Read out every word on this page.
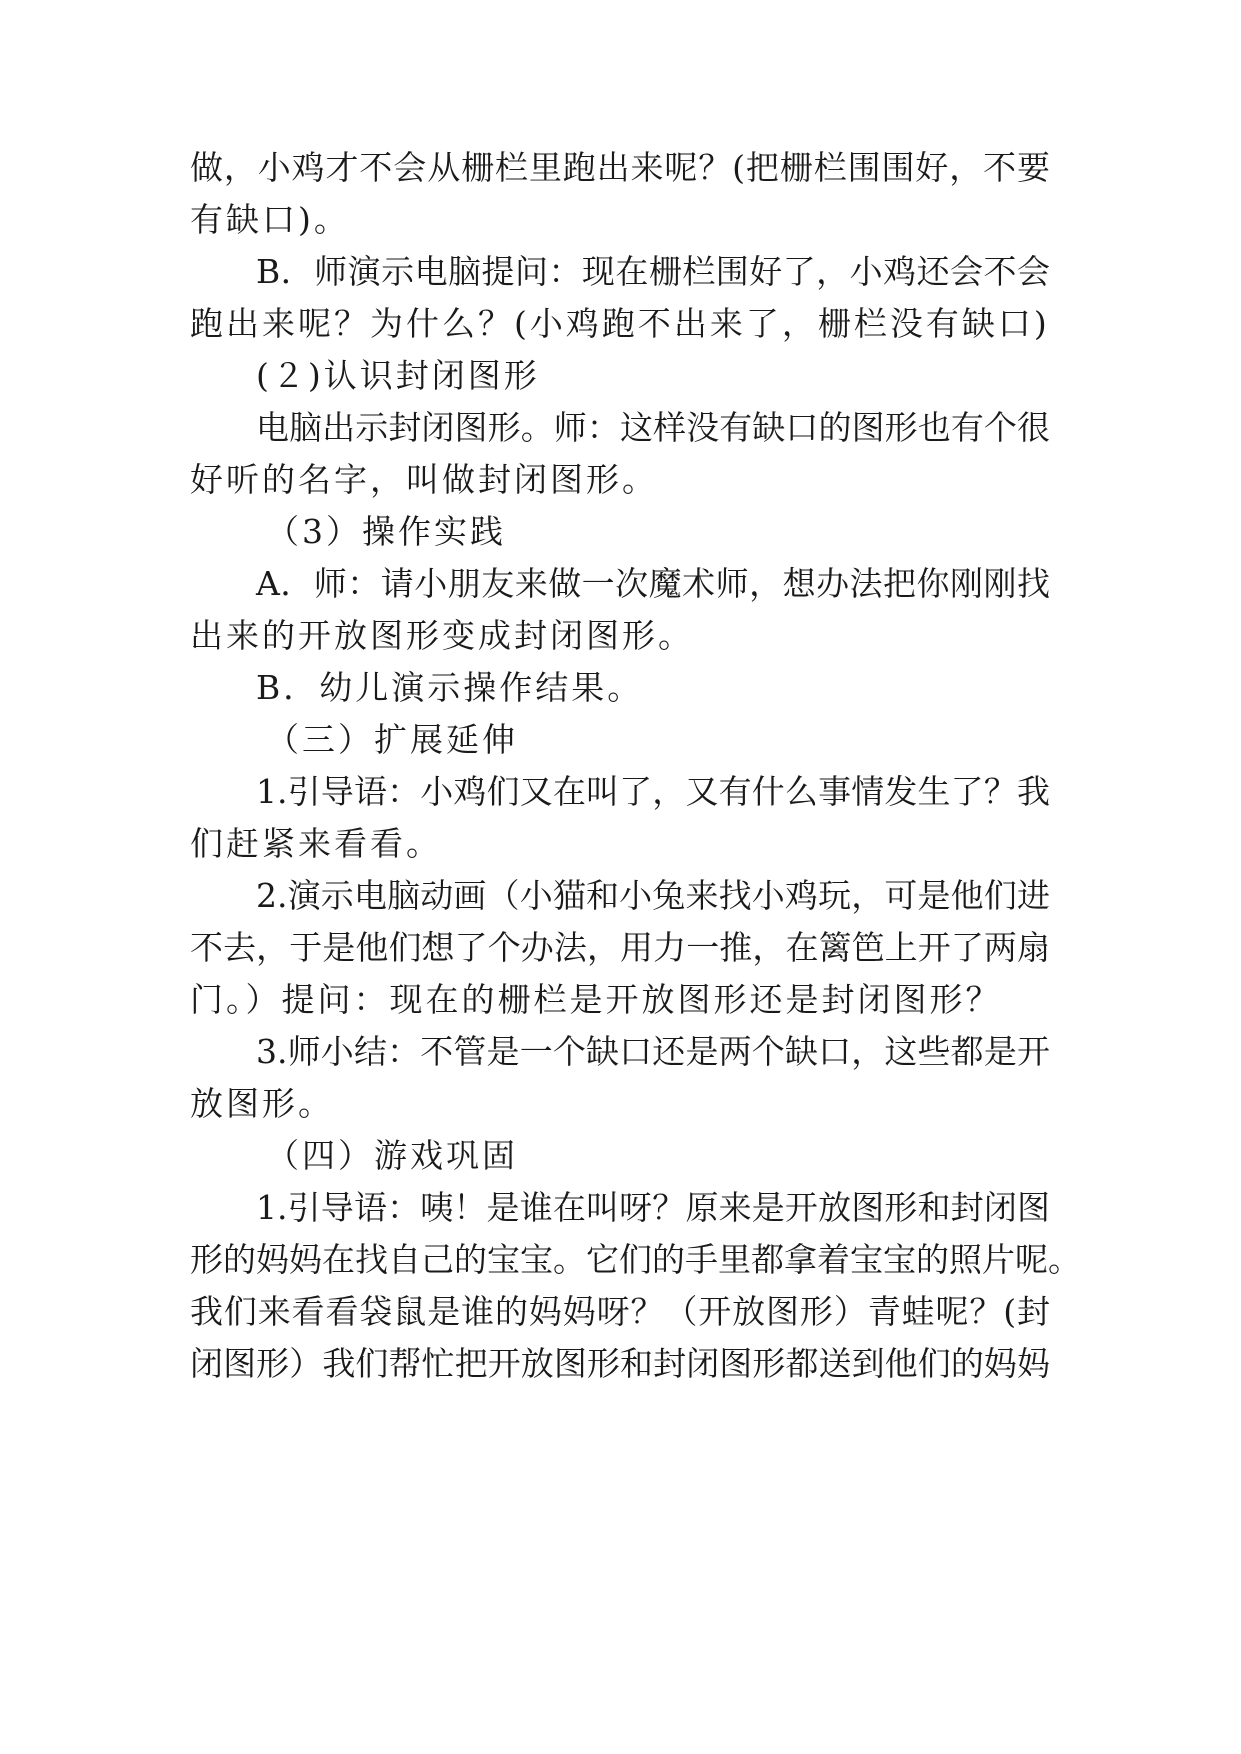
做，小鸡才不会从栅栏里跑出来呢？(把栅栏围围好，不要
有缺口)。
B．师演示电脑提问：现在栅栏围好了，小鸡还会不会
跑出来呢？为什么？(小鸡跑不出来了，栅栏没有缺口)
(２)认识封闭图形
电脑出示封闭图形。师：这样没有缺口的图形也有个很
好听的名字，叫做封闭图形。
（3）操作实践
A．师：请小朋友来做一次魔术师，想办法把你刚刚找
出来的开放图形变成封闭图形。
B．幼儿演示操作结果。
（三）扩展延伸
1.引导语：小鸡们又在叫了，又有什么事情发生了？我
们赶紧来看看。
2.演示电脑动画（小猫和小兔来找小鸡玩，可是他们进
不去，于是他们想了个办法，用力一推，在篱笆上开了两扇
门。）提问：现在的栅栏是开放图形还是封闭图形？
3.师小结：不管是一个缺口还是两个缺口，这些都是开
放图形。
（四）游戏巩固
1.引导语：咦！是谁在叫呀？原来是开放图形和封闭图
形的妈妈在找自己的宝宝。它们的手里都拿着宝宝的照片呢。
我们来看看袋鼠是谁的妈妈呀？（开放图形）青蛙呢？(封
闭图形）我们帮忙把开放图形和封闭图形都送到他们的妈妈
